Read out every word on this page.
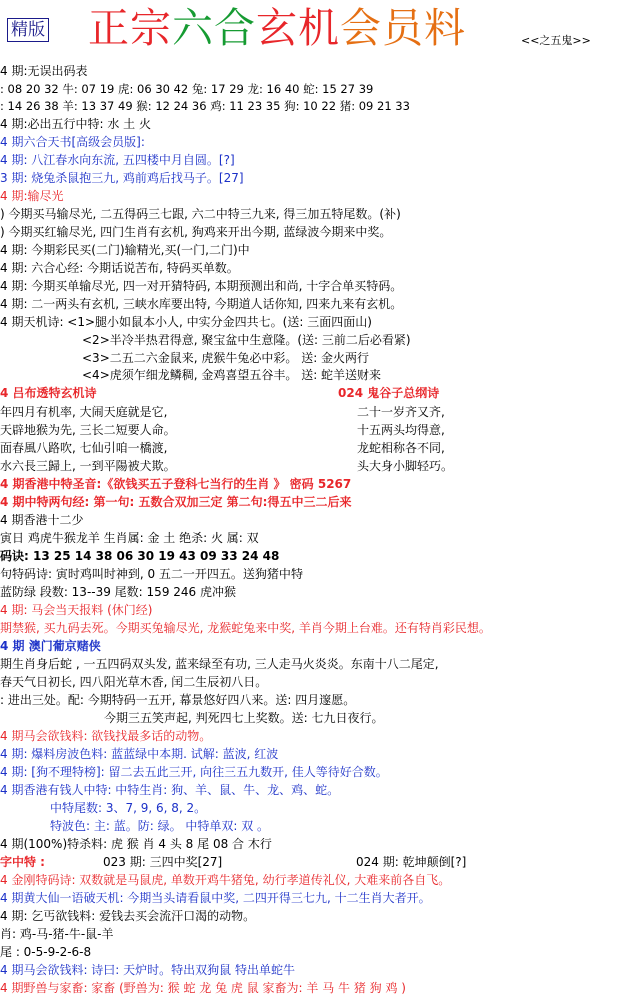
精版 正宗六合玄机会员料	<<之五鬼>>
4 期:无误出码表
: 08 20 32 牛: 07 19 虎: 06 30 42 兔: 17 29 龙: 16 40 蛇: 15 27 39
: 14 26 38 羊: 13 37 49 猴: 12 24 36 鸡: 11 23 35 狗: 10 22 猪: 09 21 33
4 期:必出五行中特: 水 土 火
4 期六合天书[高级会员版]:
4 期: 八江春水向东流, 五四楼中月自圆。[?]
3 期: 烧兔杀鼠抱三九, 鸡前鸡后找马子。[27]
4 期:输尽光
) 今期买马输尽光, 二五得码三七跟, 六二中特三九来, 得三加五特尾数。(补)
) 今期买红输尽光, 四门生肖有玄机, 狗鸡来开出今期, 蓝绿波今期来中奖。
4 期: 今期彩民买(二门)输精光,买(一门,二门)中
4 期: 六合心经: 今期话说苦布, 特码买单数。
4 期: 今期买单输尽光, 四一对开猜特码, 本期预测出和尚, 十字合单买特码。
4 期: 二一两头有玄机, 三峡水库要出特, 今期道人话你知, 四来九来有玄机。
4 期天机诗: <1>腿小如鼠本小人, 中实分金四共七。(送: 三面四面山)
<2>半冷半热君得意, 聚宝盆中生意隆。(送: 三前二后必看紧)
<3>二五二六金鼠来, 虎猴牛兔必中彩。 送: 金火两行
<4>虎须乍细龙鳞稠, 金鸡喜望五谷丰。 送: 蛇羊送财来
4 吕布透特玄机诗	024 鬼谷子总纲诗
年四月有机率, 大闹天庭就是它,	二十一岁齐又齐,
天辟地猴为先, 三长二短要人命。	十五两头均得意,
面春風八路吹, 七仙引咱一橋渡,	龙蛇相称各不同,
水六長三歸上, 一到平陽被犬欺。	头大身小脚轻巧。
4 期香港中特圣音:《欲钱买五子登科七当行的生肖 》 密码 5267
4 期中特两句经: 第一句: 五数合双加三定 第二句:得五中三二后来
4 期香港十二少
寅日 鸡虎牛猴龙羊 生肖属: 金 土 绝杀: 火 属: 双
码诀: 13 25 14 38 06 30 19 43 09 33 24 48
句特码诗: 寅时鸡叫时神到, 0 五二一开四五。送狗猪中特
蓝防绿 段数: 13--39 尾数: 159 246 虎冲猴
4 期: 马会当天报料 (休门经)
期禁猴, 买九码去死。今期买兔输尽光, 龙猴蛇兔来中奖, 羊肖今期上台难。还有特肖彩民想。
4 期 澳门葡京赌侠
期生肖身后蛇 , 一五四码双头发, 蓝来绿至有功, 三人走马火炎炎。东南十八二尾定,
春天气日初长, 四八阳光草木香, 闰二生辰初八日。
: 进出三处。配: 今期特码一五开, 幕景悠好四八来。送: 四月邃愿。
今期三五笑声起, 判死四七上奖数。送: 七九日夜行。
4 期马会欲钱料: 欲钱找最多话的动物。
4 期: 爆料房波色料: 蓝蓝绿中本期. 试解: 蓝波, 红波
4 期: [狗不理特榜]: 留二去五此三开, 向往三五九数开, 佳人等待好合数。
4 期香港有钱人中特: 中特生肖: 狗、羊、鼠、牛、龙、鸡、蛇。
中特尾数: 3、7, 9, 6, 8, 2。
特波色: 主: 蓝。防: 绿。 中特单双: 双 。
4 期(100%)特杀料: 虎 猴 肖 4 头 8 尾 08 合 木行
字中特 :	023 期: 三四中奖[27]	024 期: 乾坤颠倒[?]
4 金刚特码诗: 双数就是马鼠虎, 单数开鸡牛猪兔, 幼行孝道传礼仪, 大难来前各自飞。
4 期黄大仙一语破天机: 今期当头请看鼠中奖, 二四开得三七九, 十二生肖大者开。
4 期: 乞丐欲钱料: 爱钱去买会流汗口渴的动物。
肖: 鸡-马-猪-牛-鼠-羊
尾 : 0-5-9-2-6-8
4 期马会欲钱料: 诗曰: 天炉时。特出双狗鼠 特出单蛇牛
4 期野兽与家畜: 家畜 (野兽为: 猴 蛇 龙 兔 虎 鼠 家畜为: 羊 马 牛 猪 狗 鸡 )
